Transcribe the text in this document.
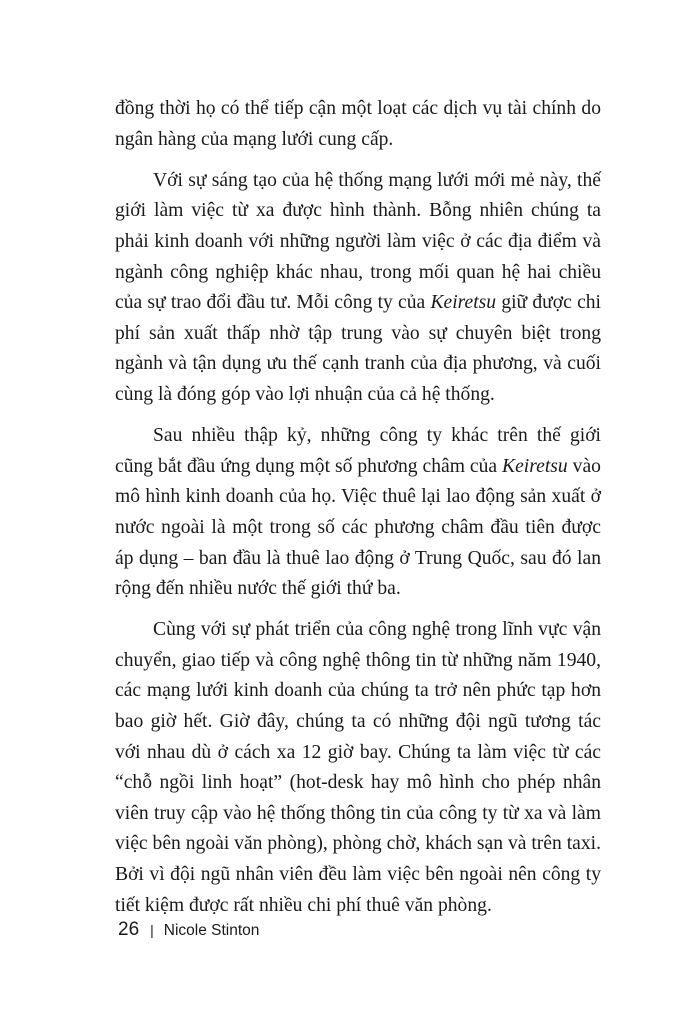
đồng thời họ có thể tiếp cận một loạt các dịch vụ tài chính do ngân hàng của mạng lưới cung cấp.

Với sự sáng tạo của hệ thống mạng lưới mới mẻ này, thế giới làm việc từ xa được hình thành. Bỗng nhiên chúng ta phải kinh doanh với những người làm việc ở các địa điểm và ngành công nghiệp khác nhau, trong mối quan hệ hai chiều của sự trao đổi đầu tư. Mỗi công ty của Keiretsu giữ được chi phí sản xuất thấp nhờ tập trung vào sự chuyên biệt trong ngành và tận dụng ưu thế cạnh tranh của địa phương, và cuối cùng là đóng góp vào lợi nhuận của cả hệ thống.

Sau nhiều thập kỷ, những công ty khác trên thế giới cũng bắt đầu ứng dụng một số phương châm của Keiretsu vào mô hình kinh doanh của họ. Việc thuê lại lao động sản xuất ở nước ngoài là một trong số các phương châm đầu tiên được áp dụng – ban đầu là thuê lao động ở Trung Quốc, sau đó lan rộng đến nhiều nước thế giới thứ ba.

Cùng với sự phát triển của công nghệ trong lĩnh vực vận chuyển, giao tiếp và công nghệ thông tin từ những năm 1940, các mạng lưới kinh doanh của chúng ta trở nên phức tạp hơn bao giờ hết. Giờ đây, chúng ta có những đội ngũ tương tác với nhau dù ở cách xa 12 giờ bay. Chúng ta làm việc từ các “chỗ ngồi linh hoạt” (hot-desk hay mô hình cho phép nhân viên truy cập vào hệ thống thông tin của công ty từ xa và làm việc bên ngoài văn phòng), phòng chờ, khách sạn và trên taxi. Bởi vì đội ngũ nhân viên đều làm việc bên ngoài nên công ty tiết kiệm được rất nhiều chi phí thuê văn phòng.

26 | Nicole Stinton
